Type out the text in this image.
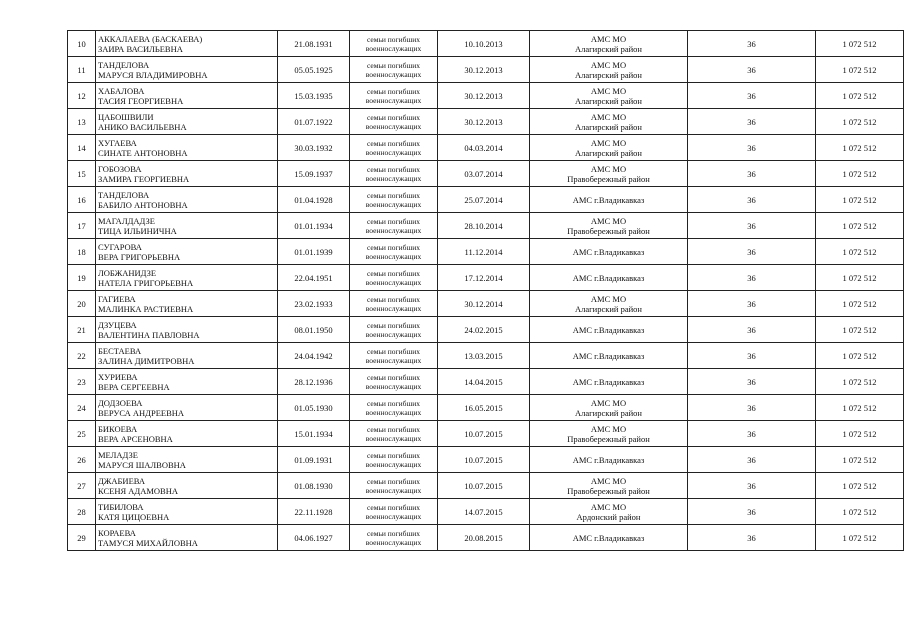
10	АККАЛАЕВА (БАСКАЕВА)
ЗАИРА ВАСИЛЬЕВНА	21.08.1931	семьи погибших
военнослужащих	10.10.2013	АМС МО
Алагирский район	36	1 072 512
11	ТАНДЕЛОВА
МАРУСЯ ВЛАДИМИРОВНА	05.05.1925	семьи погибших
военнослужащих	30.12.2013	АМС МО
Алагирский район	36	1 072 512
12	ХАБАЛОВА
ТАСИЯ ГЕОРГИЕВНА	15.03.1935	семьи погибших
военнослужащих	30.12.2013	АМС МО
Алагирский район	36	1 072 512
13	ЦАБОШВИЛИ
АНИКО ВАСИЛЬЕВНА	01.07.1922	семьи погибших
военнослужащих	30.12.2013	АМС МО
Алагирский район	36	1 072 512
14	ХУГАЕВА
СИНАТЕ АНТОНОВНА	30.03.1932	семьи погибших
военнослужащих	04.03.2014	АМС МО
Алагирский район	36	1 072 512
15	ГОБОЗОВА
ЗАМИРА ГЕОРГИЕВНА	15.09.1937	семьи погибших
военнослужащих	03.07.2014	АМС МО
Правобережный район	36	1 072 512
16	ТАНДЕЛОВА
БАБИЛО АНТОНОВНА	01.04.1928	семьи погибших
военнослужащих	25.07.2014	АМС г.Владикавказ	36	1 072 512
17	МАГАЛДАДЗЕ
ТИЦА ИЛЬИНИЧНА	01.01.1934	семьи погибших
военнослужащих	28.10.2014	АМС МО
Правобережный район	36	1 072 512
18	СУГАРОВА
ВЕРА ГРИГОРЬЕВНА	01.01.1939	семьи погибших
военнослужащих	11.12.2014	АМС г.Владикавказ	36	1 072 512
19	ЛОБЖАНИДЗЕ
НАТЕЛА ГРИГОРЬЕВНА	22.04.1951	семьи погибших
военнослужащих	17.12.2014	АМС г.Владикавказ	36	1 072 512
20	ГАГИЕВА
МАЛИНКА РАСТИЕВНА	23.02.1933	семьи погибших
военнослужащих	30.12.2014	АМС МО
Алагирский район	36	1 072 512
21	ДЗУЦЕВА
ВАЛЕНТИНА ПАВЛОВНА	08.01.1950	семьи погибших
военнослужащих	24.02.2015	АМС г.Владикавказ	36	1 072 512
22	БЕСТАЕВА
ЗАЛИНА ДИМИТРОВНА	24.04.1942	семьи погибших
военнослужащих	13.03.2015	АМС г.Владикавказ	36	1 072 512
23	ХУРИЕВА
ВЕРА СЕРГЕЕВНА	28.12.1936	семьи погибших
военнослужащих	14.04.2015	АМС г.Владикавказ	36	1 072 512
24	ДОДЗОЕВА
ВЕРУСА АНДРЕЕВНА	01.05.1930	семьи погибших
военнослужащих	16.05.2015	АМС МО
Алагирский район	36	1 072 512
25	БИКОЕВА
ВЕРА АРСЕНОВНА	15.01.1934	семьи погибших
военнослужащих	10.07.2015	АМС МО
Правобережный район	36	1 072 512
26	МЕЛАДЗЕ
МАРУСЯ ШАЛВОВНА	01.09.1931	семьи погибших
военнослужащих	10.07.2015	АМС г.Владикавказ	36	1 072 512
27	ДЖАБИЕВА
КСЕНЯ АДАМОВНА	01.08.1930	семьи погибших
военнослужащих	10.07.2015	АМС МО
Правобережный район	36	1 072 512
28	ТИБИЛОВА
КАТЯ ЦИЦОЕВНА	22.11.1928	семьи погибших
военнослужащих	14.07.2015	АМС МО
Ардонский район	36	1 072 512
29	КОРАЕВА
ТАМУСЯ МИХАЙЛОВНА	04.06.1927	семьи погибших
военнослужащих	20.08.2015	АМС г.Владикавказ	36	1 072 512
